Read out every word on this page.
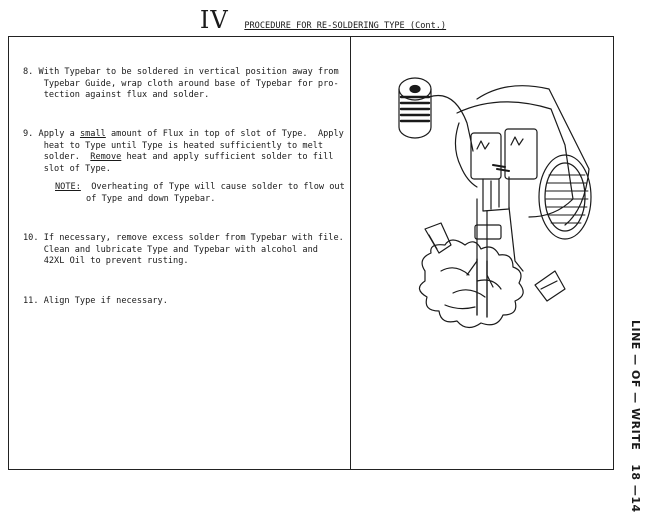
IV PROCEDURE FOR RE-SOLDERING TYPE (Cont.)
8. With Typebar to be soldered in vertical position away from
Typebar Guide, wrap cloth around base of Typebar for pro-
tection against flux and solder.
9. Apply a small amount of Flux in top of slot of Type.  Apply
heat to Type until Type is heated sufficiently to melt
solder.  Remove heat and apply sufficient solder to fill
slot of Type.
NOTE: Overheating of Type will cause solder to flow out
of Type and down Typebar.
10. If necessary, remove excess solder from Typebar with file.
Clean and lubricate Type and Typebar with alcohol and
42XL Oil to prevent rusting.
11. Align Type if necessary.
LINE — OF — WRITE18 —14
